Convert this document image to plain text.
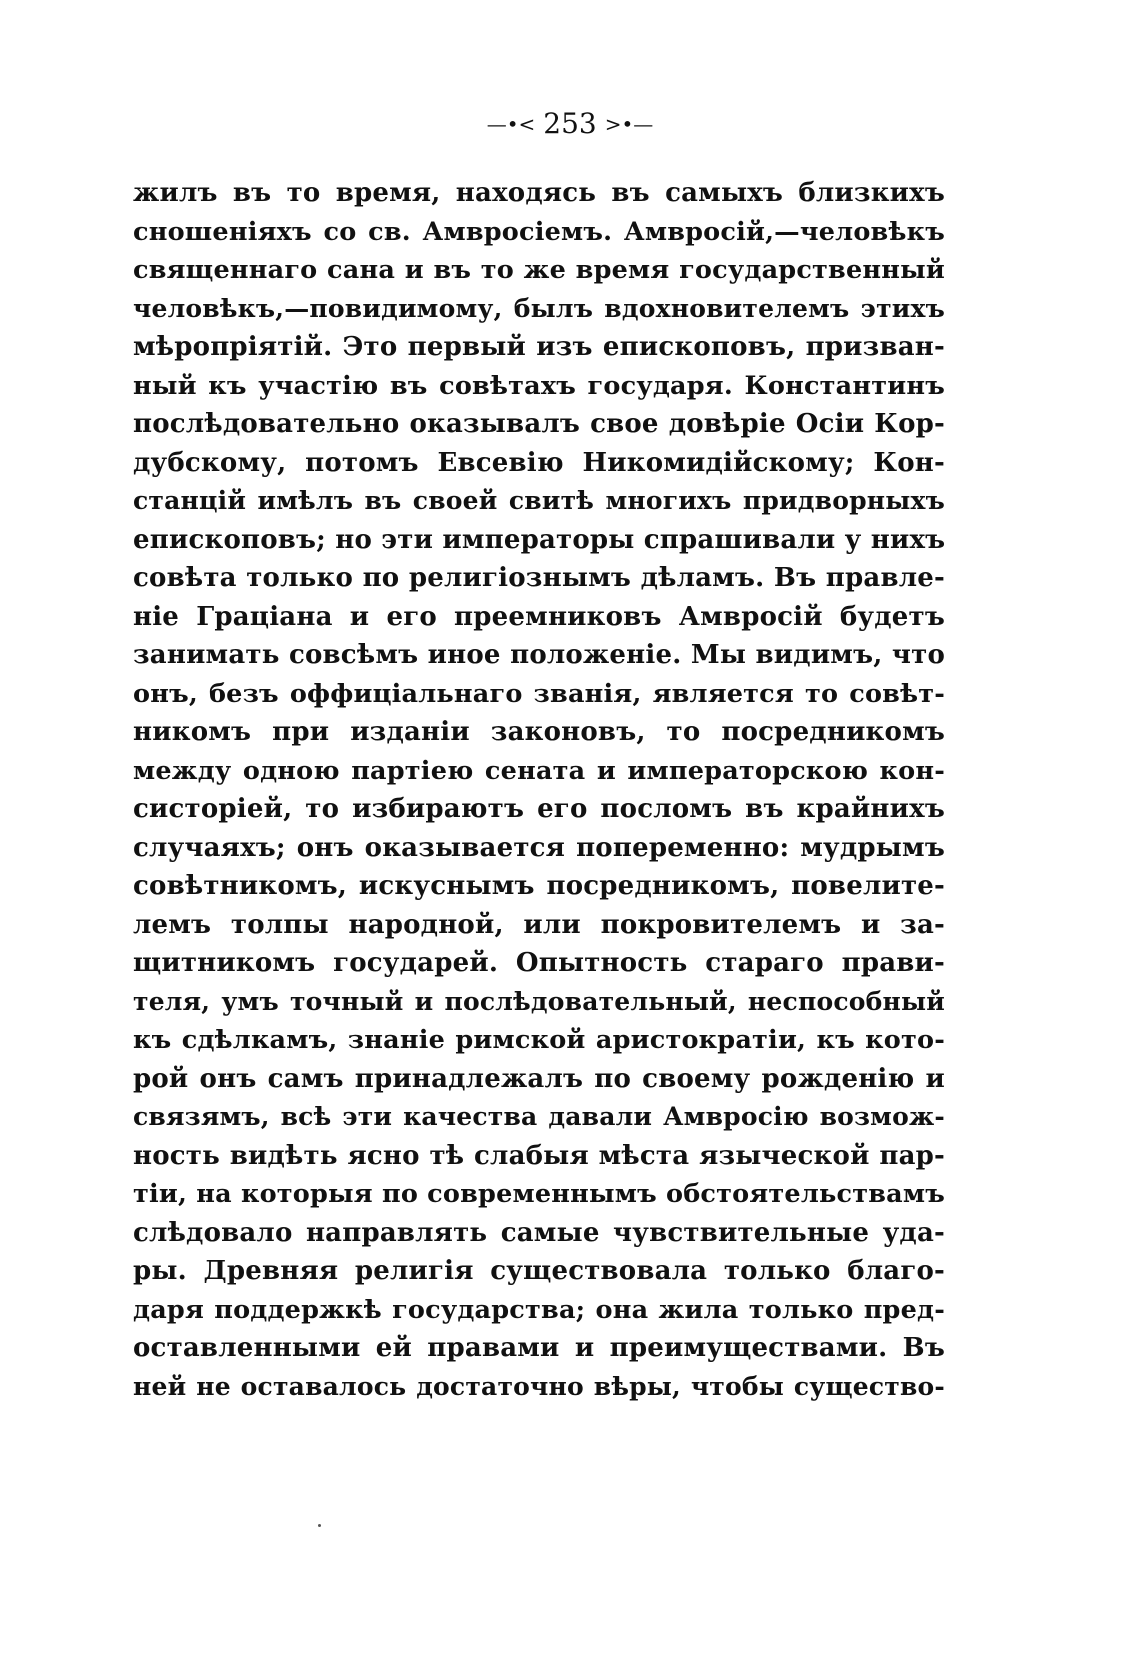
—•< 253 >•—
жилъ въ то время, находясь въ самыхъ близкихъ
сношеніяхъ со св. Амвросіемъ. Амвросій,—человѣкъ
священнаго сана и въ то же время государственный
человѣкъ,—повидимому, былъ вдохновителемъ этихъ
мѣропріятій. Это первый изъ епископовъ, призван-
ный къ участію въ совѣтахъ государя. Константинъ
послѣдовательно оказывалъ свое довѣріе Осіи Кор-
дубскому, потомъ Евсевію Никомидійскому; Кон-
станцій имѣлъ въ своей свитѣ многихъ придворныхъ
епископовъ; но эти императоры спрашивали у нихъ
совѣта только по религіознымъ дѣламъ. Въ правле-
ніе Граціана и его преемниковъ Амвросій будетъ
занимать совсѣмъ иное положеніе. Мы видимъ, что
онъ, безъ оффиціальнаго званія, является то совѣт-
никомъ при изданіи законовъ, то посредникомъ
между одною партіею сената и императорскою кон-
систоріей, то избираютъ его посломъ въ крайнихъ
случаяхъ; онъ оказывается попеременно: мудрымъ
совѣтникомъ, искуснымъ посредникомъ, повелите-
лемъ толпы народной, или покровителемъ и за-
щитникомъ государей. Опытность стараго прави-
теля, умъ точный и послѣдовательный, неспособный
къ сдѣлкамъ, знаніе римской аристократіи, къ кото-
рой онъ самъ принадлежалъ по своему рожденію и
связямъ, всѣ эти качества давали Амвросію возмож-
ность видѣть ясно тѣ слабыя мѣста языческой пар-
тіи, на которыя по современнымъ обстоятельствамъ
слѣдовало направлять самые чувствительные уда-
ры. Древняя религія существовала только благо-
даря поддержкѣ государства; она жила только пред-
оставленными ей правами и преимуществами. Въ
ней не оставалось достаточно вѣры, чтобы существо-
